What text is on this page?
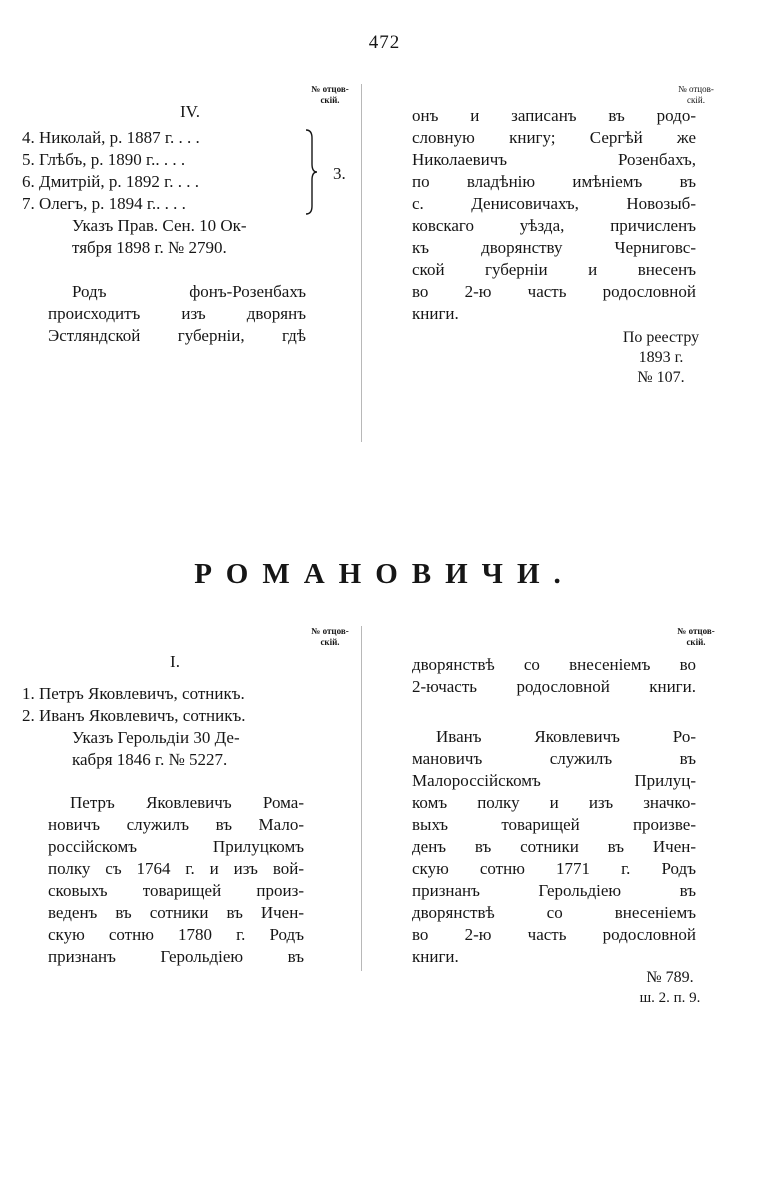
472
№ отцов-
скій.
№ отцов-
скій.
IV.
4. Николай, р. 1887 г. . . .
5. Глѣбъ, р. 1890 г.. . . .
6. Дмитрій, р. 1892 г. . . .
7. Олегъ, р. 1894 г.. . . .
3.
Указъ Прав. Сен. 10 Ок-
тября 1898 г. № 2790.
Родъ фонъ-Розенбахъ
происходитъ изъ дворянъ
Эстляндской губерніи, гдѣ
онъ и записанъ въ родо-
словную книгу; Сергѣй же
Николаевичъ Розенбахъ,
по владѣнію имѣніемъ въ
с. Денисовичахъ, Новозыб-
ковскаго уѣзда, причисленъ
къ дворянству Черниговс-
ской губерніи и внесенъ
во 2-ю часть родословной
книги.
По реестру
1893 г.
№ 107.
РОМАНОВИЧИ.
№ отцов-
скій.
№ отцов-
скій.
I.
1. Петръ Яковлевичъ, сотникъ.
2. Иванъ Яковлевичъ, сотникъ.
Указъ Герольдіи 30 Де-
кабря 1846 г. № 5227.
Петръ Яковлевичъ Рома-
новичъ служилъ въ Мало-
россійскомъ Прилуцкомъ
полку съ 1764 г. и изъ вой-
сковыхъ товарищей произ-
веденъ въ сотники въ Ичен-
скую сотню 1780 г. Родъ
признанъ Герольдіею въ
дворянствѣ со внесеніемъ во
2-ючасть родословной книги.
Иванъ Яковлевичъ Ро-
мановичъ служилъ въ
Малороссійскомъ Прилуц-
комъ полку и изъ значко-
выхъ товарищей произве-
денъ въ сотники въ Ичен-
скую сотню 1771 г. Родъ
признанъ Герольдіею въ
дворянствѣ со внесеніемъ
во 2-ю часть родословной
книги.
№ 789.
ш. 2. п. 9.
